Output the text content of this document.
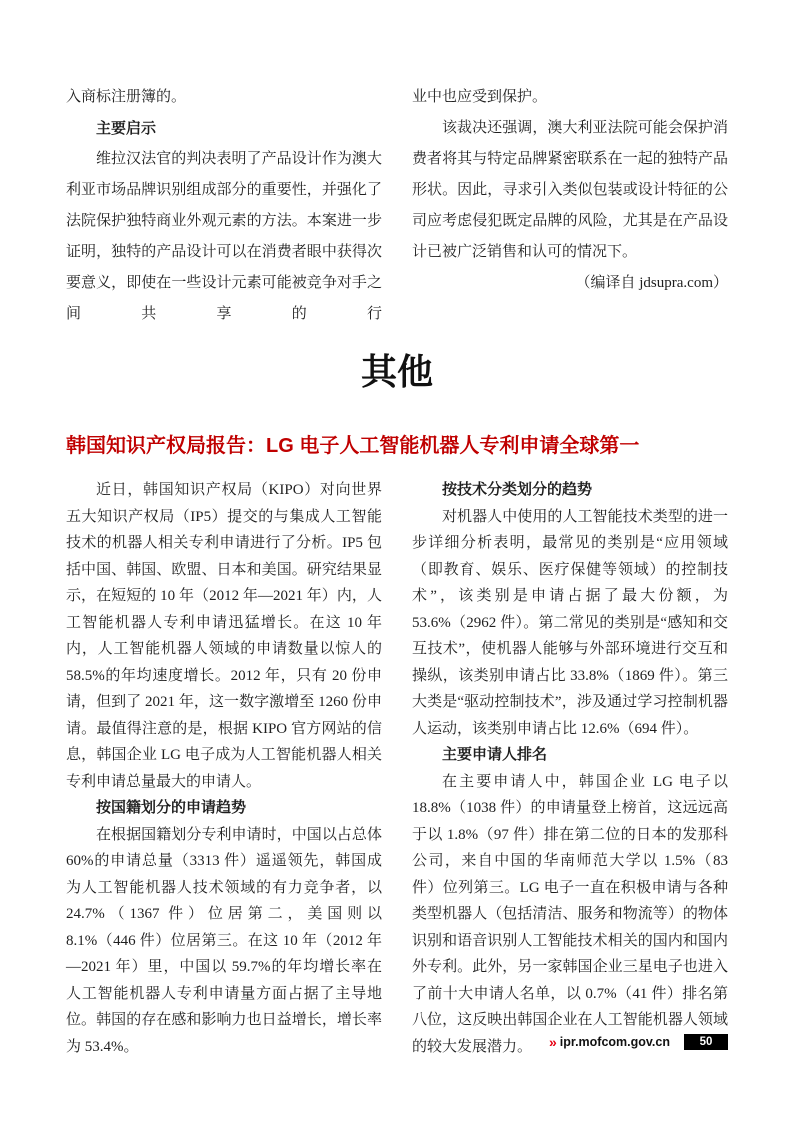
入商标注册簿的。

主要启示

维拉汉法官的判决表明了产品设计作为澳大利亚市场品牌识别组成部分的重要性，并强化了法院保护独特商业外观元素的方法。本案进一步证明，独特的产品设计可以在消费者眼中获得次要意义，即使在一些设计元素可能被竞争对手之间共享的行

业中也应受到保护。

该裁决还强调，澳大利亚法院可能会保护消费者将其与特定品牌紧密联系在一起的独特产品形状。因此，寻求引入类似包装或设计特征的公司应考虑侵犯既定品牌的风险，尤其是在产品设计已被广泛销售和认可的情况下。

（编译自 jdsupra.com）

其他
韩国知识产权局报告：LG 电子人工智能机器人专利申请全球第一

近日，韩国知识产权局（KIPO）对向世界五大知识产权局（IP5）提交的与集成人工智能技术的机器人相关专利申请进行了分析。IP5 包括中国、韩国、欧盟、日本和美国。研究结果显示，在短短的 10 年（2012 年—2021 年）内，人工智能机器人专利申请迅猛增长。在这 10 年内，人工智能机器人领域的申请数量以惊人的 58.5%的年均速度增长。2012 年，只有 20 份申请，但到了 2021 年，这一数字激增至 1260 份申请。最值得注意的是，根据 KIPO 官方网站的信息，韩国企业 LG 电子成为人工智能机器人相关专利申请总量最大的申请人。

按国籍划分的申请趋势

在根据国籍划分专利申请时，中国以占总体 60%的申请总量（3313 件）遥遥领先，韩国成为人工智能机器人技术领域的有力竞争者，以 24.7%（1367 件）位居第二，美国则以 8.1%（446 件）位居第三。在这 10 年（2012 年—2021 年）里，中国以 59.7%的年均增长率在人工智能机器人专利申请量方面占据了主导地位。韩国的存在感和影响力也日益增长，增长率为 53.4%。

按技术分类划分的趋势

对机器人中使用的人工智能技术类型的进一步详细分析表明，最常见的类别是“应用领域（即教育、娱乐、医疗保健等领域）的控制技术”，该类别是申请占据了最大份额，为 53.6%（2962 件）。第二常见的类别是“感知和交互技术”，使机器人能够与外部环境进行交互和操纵，该类别申请占比 33.8%（1869 件）。第三大类是“驱动控制技术”，涉及通过学习控制机器人运动，该类别申请占比 12.6%（694 件）。

主要申请人排名

在主要申请人中，韩国企业 LG 电子以 18.8%（1038 件）的申请量登上榜首，这远远高于以 1.8%（97 件）排在第二位的日本的发那科公司，来自中国的华南师范大学以 1.5%（83 件）位列第三。LG 电子一直在积极申请与各种类型机器人（包括清洁、服务和物流等）的物体识别和语音识别人工智能技术相关的国内和国内外专利。此外，另一家韩国企业三星电子也进入了前十大申请人名单，以 0.7%（41 件）排名第八位，这反映出韩国企业在人工智能机器人领域的较大发展潜力。	» ipr.mofcom.gov.cn	50
